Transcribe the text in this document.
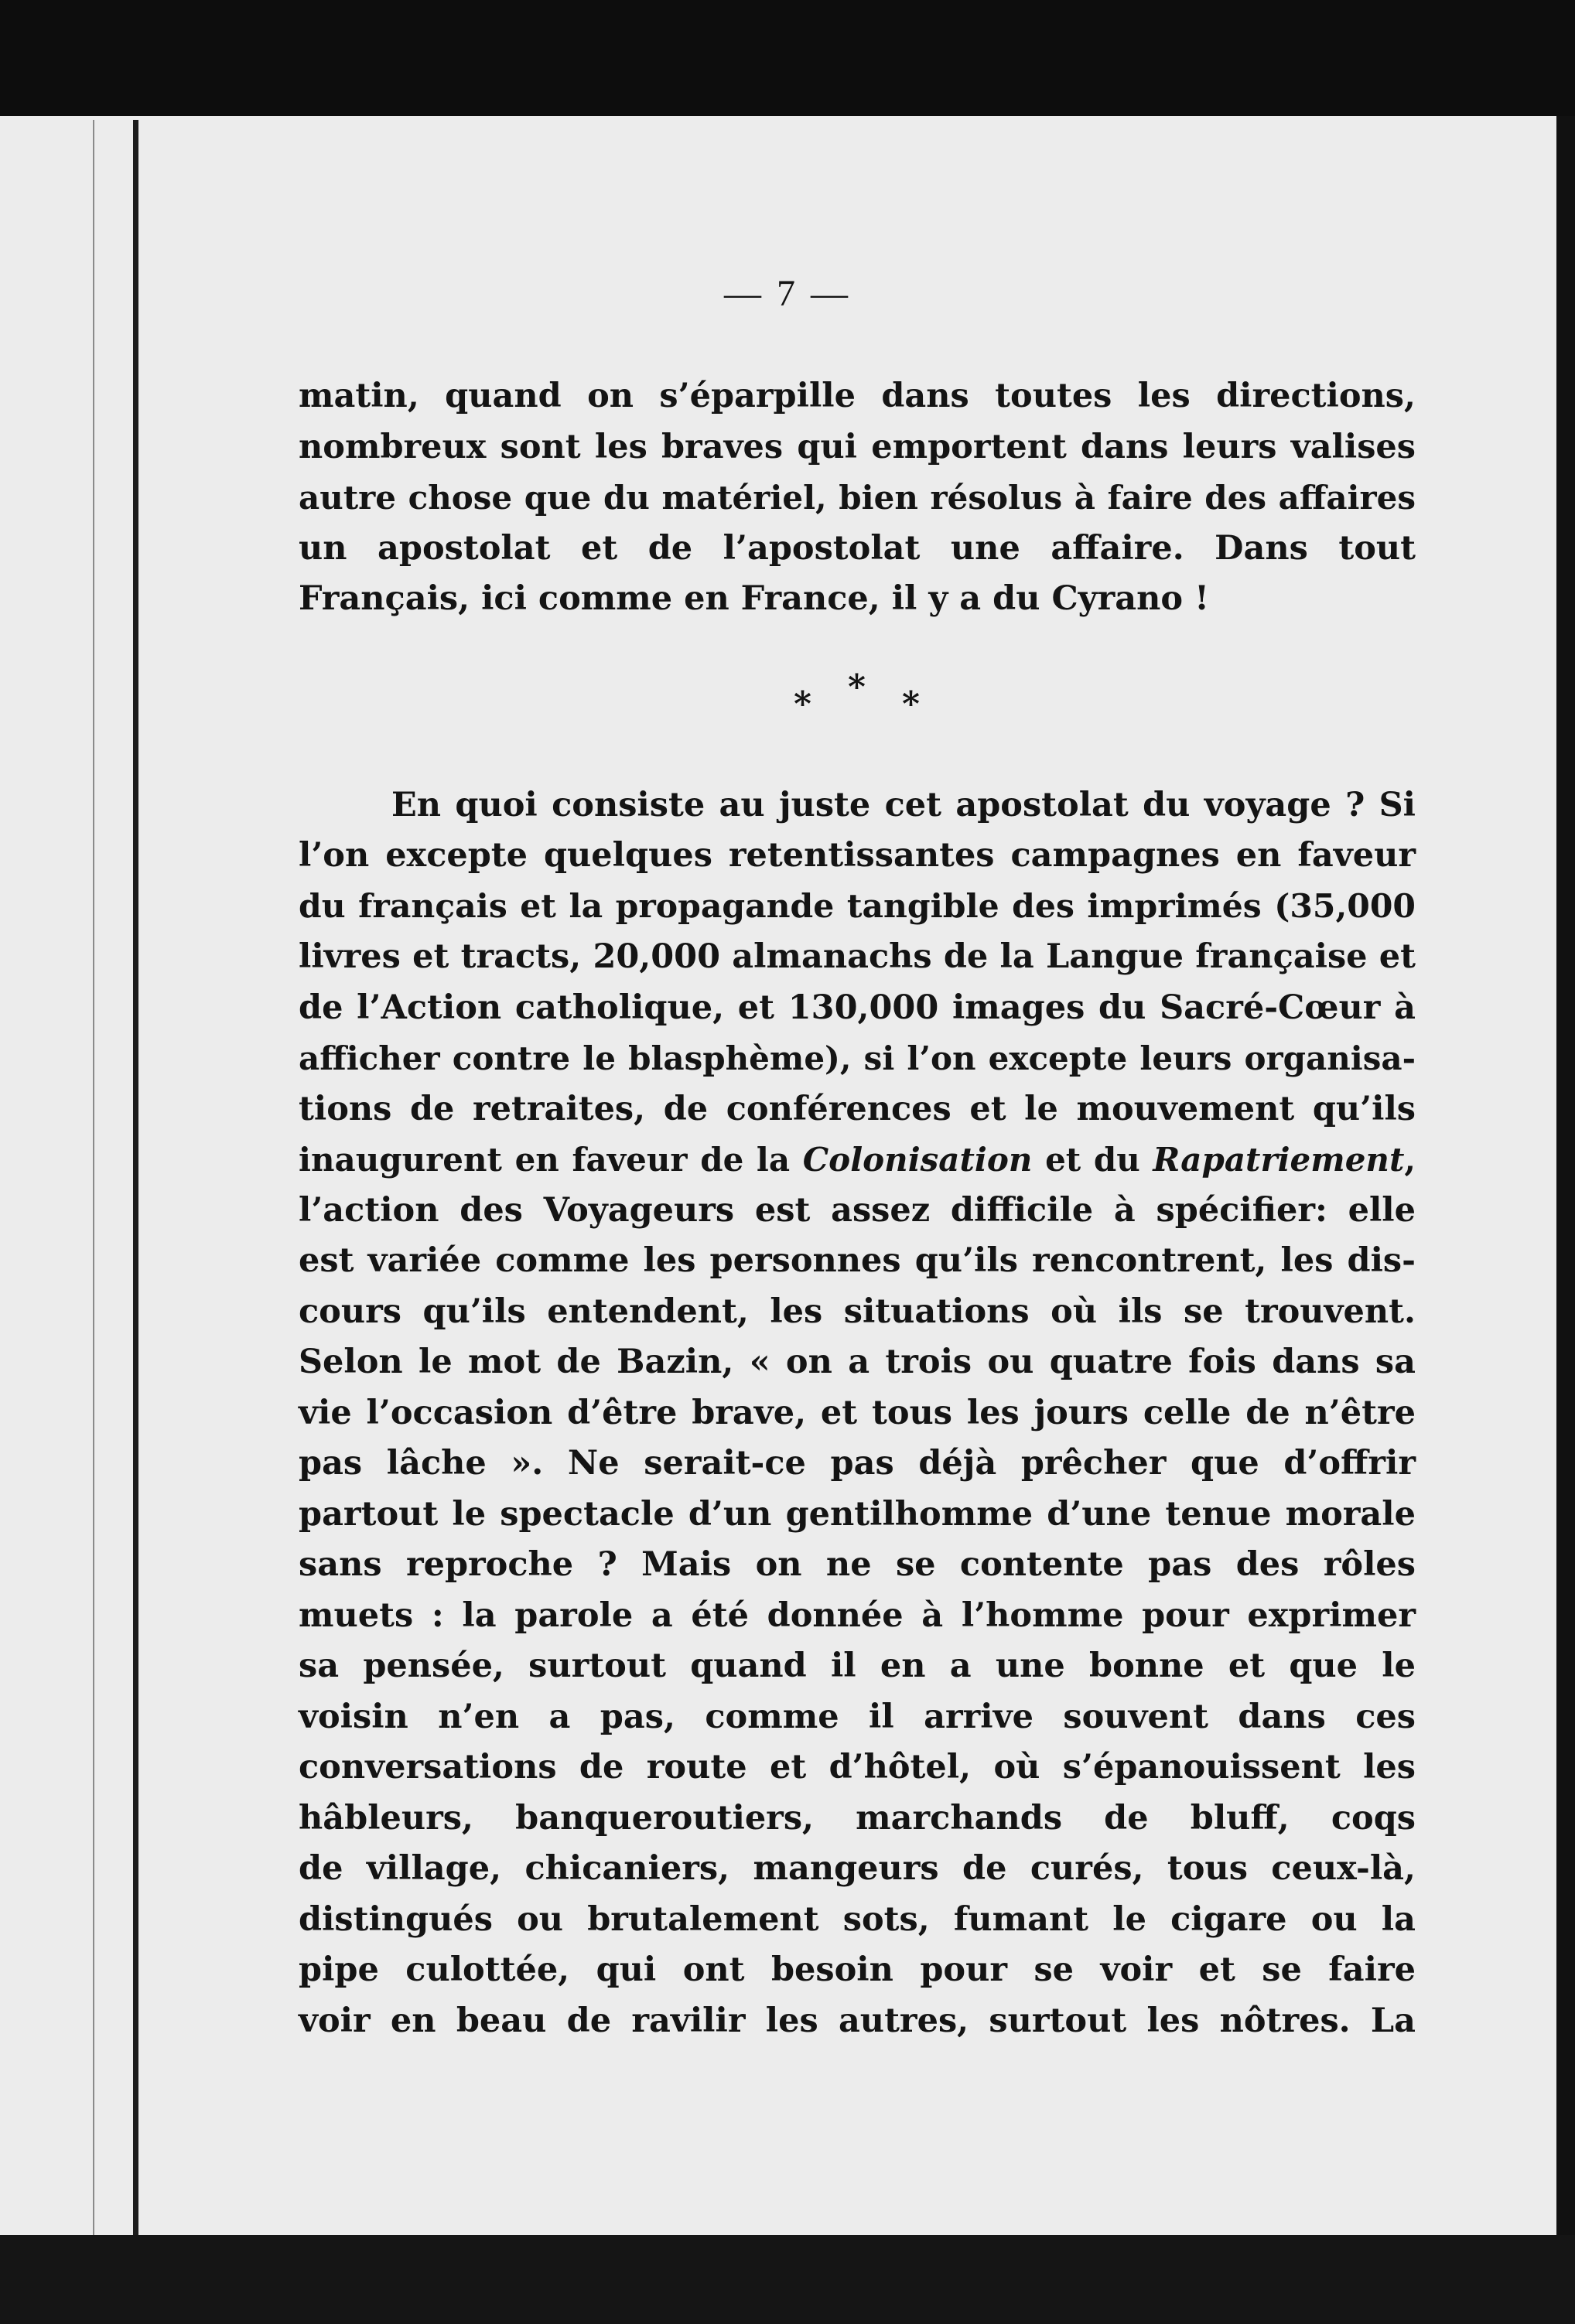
— 7 —

matin, quand on s’éparpille dans toutes les directions,
nombreux sont les braves qui emportent dans leurs valises
autre chose que du matériel, bien résolus à faire des affaires
un apostolat et de l’apostolat une affaire. Dans tout
Français, ici comme en France, il y a du Cyrano !
* * *
En quoi consiste au juste cet apostolat du voyage ? Si
l’on excepte quelques retentissantes campagnes en faveur
du français et la propagande tangible des imprimés (35,000
livres et tracts, 20,000 almanachs de la Langue française et
de l’Action catholique, et 130,000 images du Sacré-Cœur à
afficher contre le blasphème), si l’on excepte leurs organisa-
tions de retraites, de conférences et le mouvement qu’ils
inaugurent en faveur de la Colonisation et du Rapatriement,
l’action des Voyageurs est assez difficile à spécifier: elle
est variée comme les personnes qu’ils rencontrent, les dis-
cours qu’ils entendent, les situations où ils se trouvent.
Selon le mot de Bazin, « on a trois ou quatre fois dans sa
vie l’occasion d’être brave, et tous les jours celle de n’être
pas lâche ». Ne serait-ce pas déjà prêcher que d’offrir
partout le spectacle d’un gentilhomme d’une tenue morale
sans reproche ? Mais on ne se contente pas des rôles
muets : la parole a été donnée à l’homme pour exprimer
sa pensée, surtout quand il en a une bonne et que le
voisin n’en a pas, comme il arrive souvent dans ces
conversations de route et d’hôtel, où s’épanouissent les
hâbleurs, banqueroutiers, marchands de bluff, coqs
de village, chicaniers, mangeurs de curés, tous ceux-là,
distingués ou brutalement sots, fumant le cigare ou la
pipe culottée, qui ont besoin pour se voir et se faire
voir en beau de ravilir les autres, surtout les nôtres. La
